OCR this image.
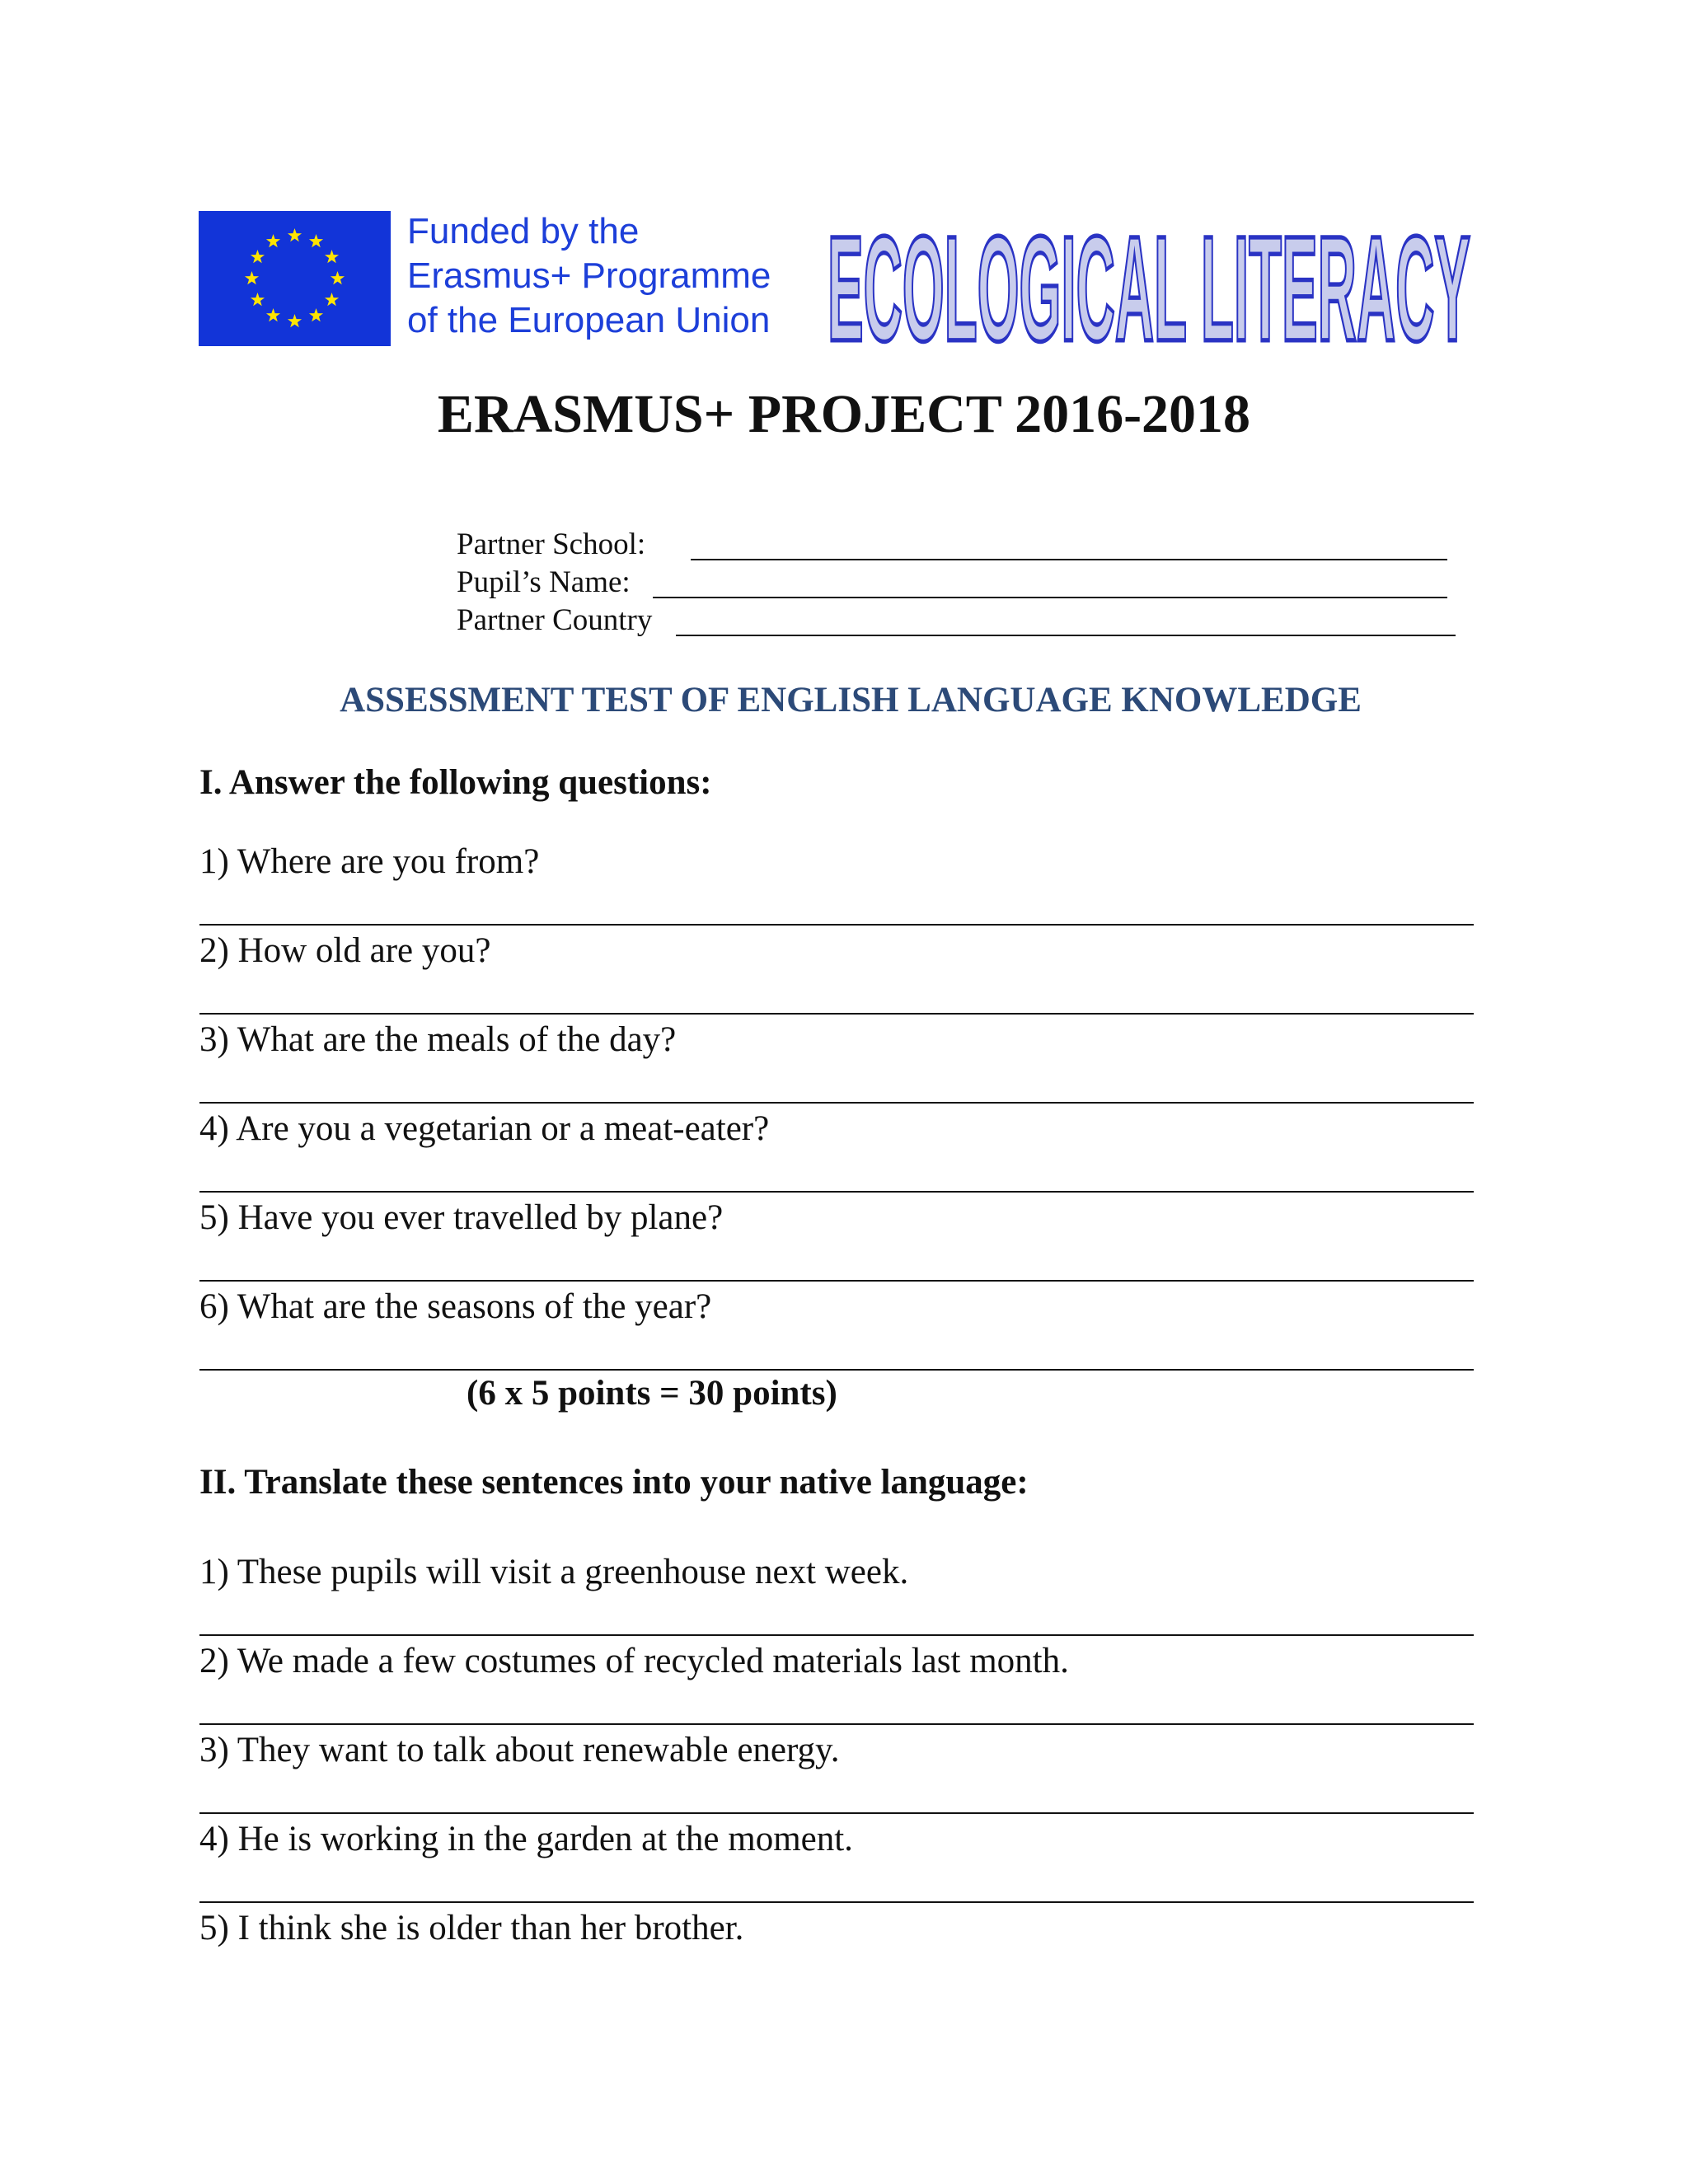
Funded by the
Erasmus+ Programme
of the European Union ECOLOGICAL LITERACY
ERASMUS+ PROJECT 2016-2018
Partner School:
Pupil’s Name:
Partner Country
ASSESSMENT TEST OF ENGLISH LANGUAGE KNOWLEDGE
I. Answer the following questions:
1) Where are you from?
2) How old are you?
3) What are the meals of the day?
4) Are you a vegetarian or a meat-eater?
5) Have you ever travelled by plane?
6) What are the seasons of the year?
(6 x 5 points = 30 points)
II. Translate these sentences into your native language:
1) These pupils will visit a greenhouse next week.
2) We made a few costumes of recycled materials last month.
3) They want to talk about renewable energy.
4) He is working in the garden at the moment.
5) I think she is older than her brother.
